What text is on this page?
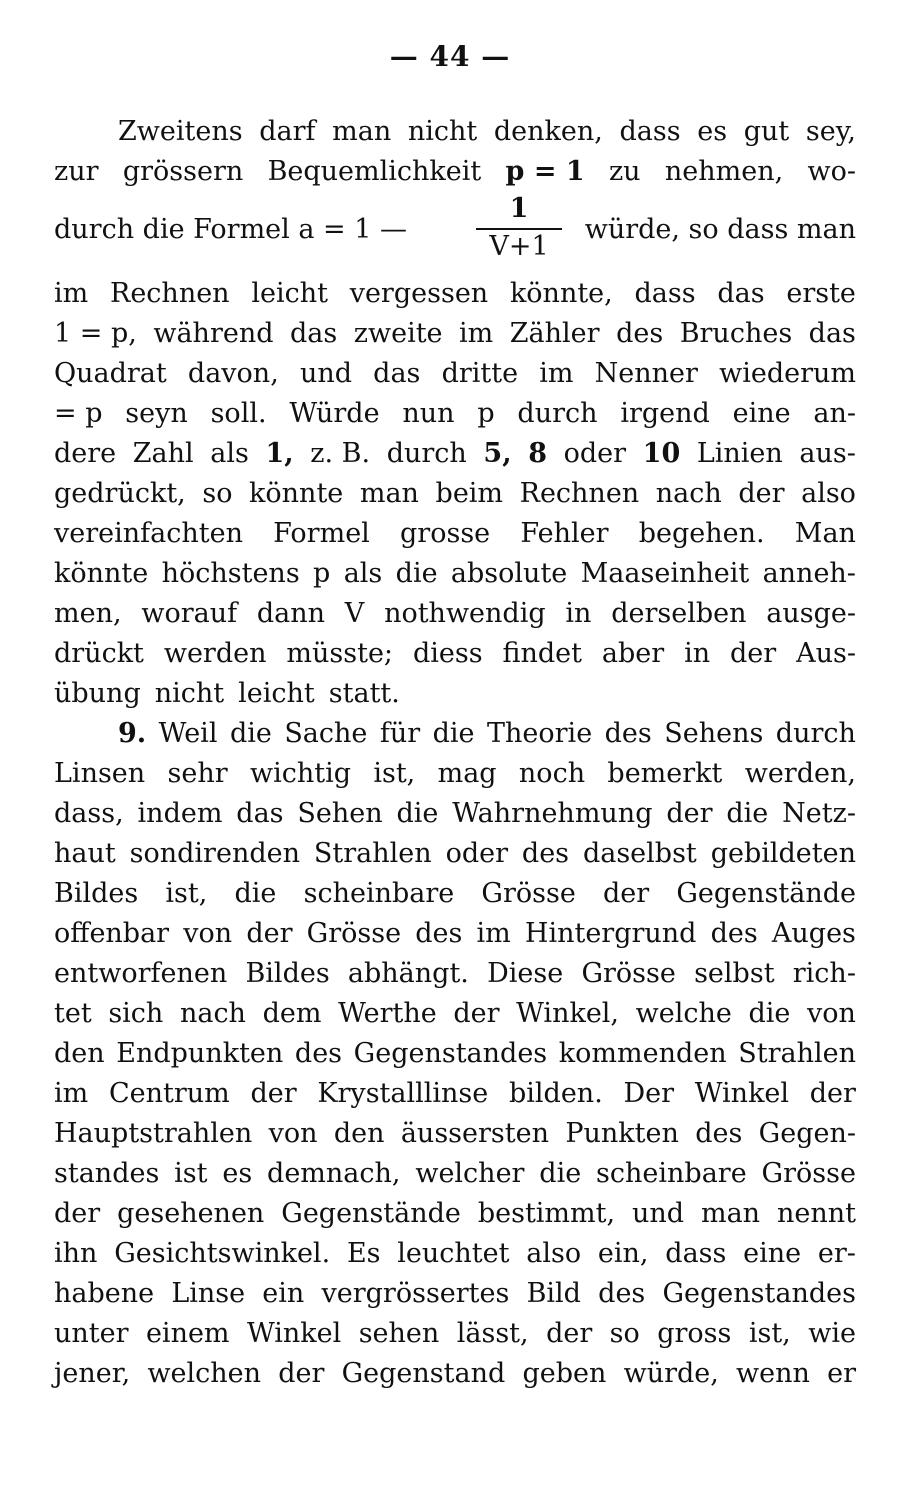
— 44 —
Zweitens darf man nicht denken, dass es gut sey,
zur grössern Bequemlichkeit p = 1 zu nehmen, wo-
durch die Formel a = 1 —
1
V+1
würde, so dass man
im Rechnen leicht vergessen könnte, dass das erste
1 = p, während das zweite im Zähler des Bruches das
Quadrat davon, und das dritte im Nenner wiederum
= p seyn soll. Würde nun p durch irgend eine an-
dere Zahl als 1, z. B. durch 5, 8 oder 10 Linien aus-
gedrückt, so könnte man beim Rechnen nach der also
vereinfachten Formel grosse Fehler begehen. Man
könnte höchstens p als die absolute Maaseinheit anneh-
men, worauf dann V nothwendig in derselben ausge-
drückt werden müsste; diess findet aber in der Aus-
übung nicht leicht statt.
9. Weil die Sache für die Theorie des Sehens durch
Linsen sehr wichtig ist, mag noch bemerkt werden,
dass, indem das Sehen die Wahrnehmung der die Netz-
haut sondirenden Strahlen oder des daselbst gebildeten
Bildes ist, die scheinbare Grösse der Gegenstände
offenbar von der Grösse des im Hintergrund des Auges
entworfenen Bildes abhängt. Diese Grösse selbst rich-
tet sich nach dem Werthe der Winkel, welche die von
den Endpunkten des Gegenstandes kommenden Strahlen
im Centrum der Krystalllinse bilden. Der Winkel der
Hauptstrahlen von den äussersten Punkten des Gegen-
standes ist es demnach, welcher die scheinbare Grösse
der gesehenen Gegenstände bestimmt, und man nennt
ihn Gesichtswinkel. Es leuchtet also ein, dass eine er-
habene Linse ein vergrössertes Bild des Gegenstandes
unter einem Winkel sehen lässt, der so gross ist, wie
jener, welchen der Gegenstand geben würde, wenn er
